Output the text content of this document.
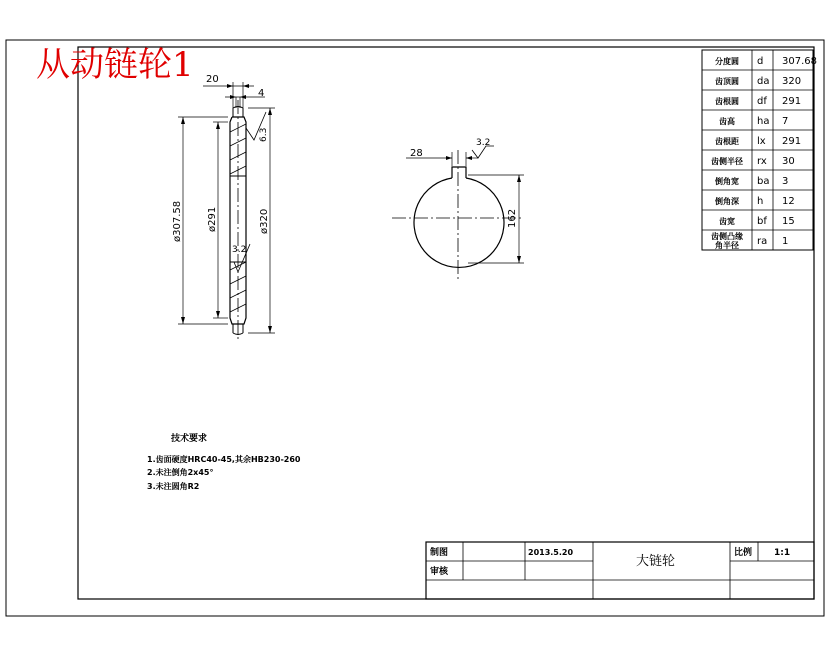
从动链轮1 20
4
ø307.58 ø291	ø320
6.3
3.2
28
3.2
162
分度圆 d 307.68
齿顶圆 da 320
齿根圆 df 291
齿高 ha 7
齿根距 lx 291
齿侧半径 rx 30
倒角宽 ba 3
倒角深 h 12
齿宽 bf 15
齿侧凸缘角半径	ra 1
技术要求
1.齿面硬度HRC40-45,其余HB230-260
2.未注倒角2x45°
3.未注圆角R2
制图	2013.5.20
审核
大链轮
比例 1:1
